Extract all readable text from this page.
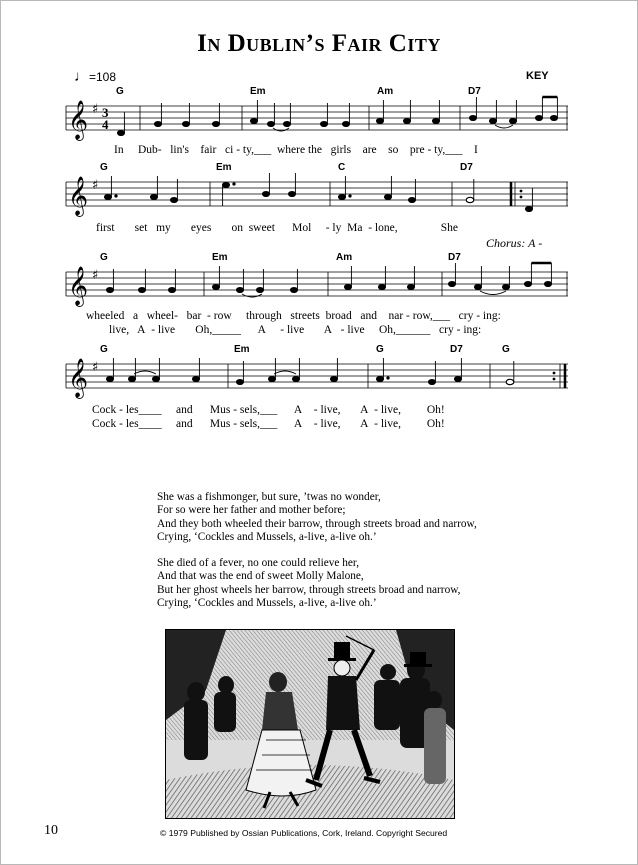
In Dublin’s Fair City
♩=108	KEY
G	Em	Am	D7
𝄞 ♯ 3
4
In Dub- lin's fair ci - ty,___  where the girls are so pre - ty,___    I
G	Em	C	D7
𝄞 ♯
first set my eyes on sweet Mol - ly Ma - lone,	She
Chorus: A -
G	Em	Am	D7
𝄞 ♯
wheeled a wheel- bar - row through streets broad and nar - row,___   cry - ing:
live, A - live Oh,_____      A - live A - live Oh,______   cry - ing:
G	Em	G	D7	G
𝄞 ♯
Cock - les____     and Mus - sels,___      A - live, A - live, Oh!
Cock - les____     and Mus - sels,___      A - live, A - live, Oh!

She was a fishmonger, but sure, ’twas no wonder,
For so were her father and mother before;
And they both wheeled their barrow, through streets broad and narrow,
Crying, ‘Cockles and Mussels, a-live, a-live oh.’

She died of a fever, no one could relieve her,
And that was the end of sweet Molly Malone,
But her ghost wheels her barrow, through streets broad and narrow,
Crying, ‘Cockles and Mussels, a-live, a-live oh.’

10	© 1979 Published by Ossian Publications, Cork, Ireland. Copyright Secured
